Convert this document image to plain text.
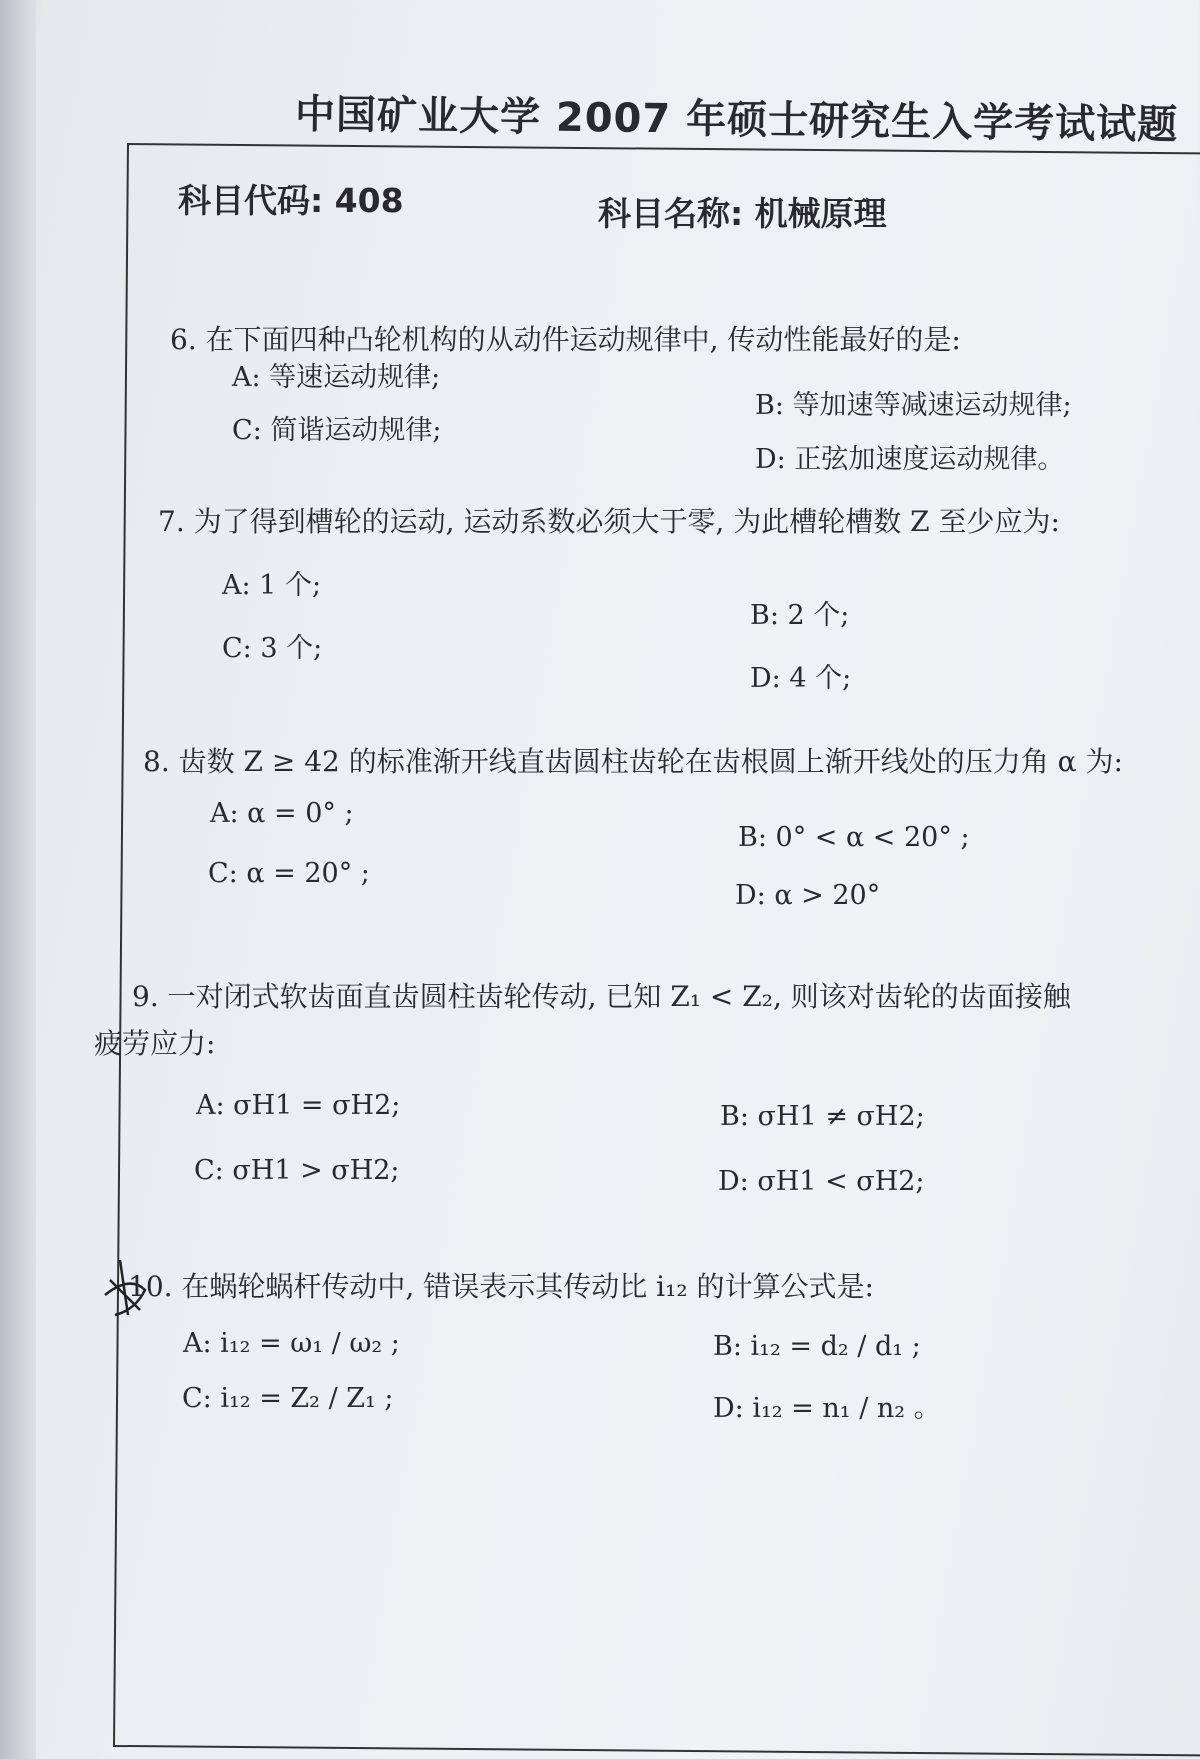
中国矿业大学 2007 年硕士研究生入学考试试题
科目代码: 408	科目名称: 机械原理
6. 在下面四种凸轮机构的从动件运动规律中, 传动性能最好的是:
A: 等速运动规律;
B: 等加速等减速运动规律;
C: 简谐运动规律;
D: 正弦加速度运动规律。
7. 为了得到槽轮的运动, 运动系数必须大于零, 为此槽轮槽数 Z 至少应为:
A: 1 个;
B: 2 个;
C: 3 个;
D: 4 个;
8. 齿数 Z ≥ 42 的标准渐开线直齿圆柱齿轮在齿根圆上渐开线处的压力角 α 为:
A: α = 0° ;
B: 0° < α < 20° ;
C: α = 20° ;
D: α > 20°
9. 一对闭式软齿面直齿圆柱齿轮传动, 已知 Z₁ < Z₂, 则该对齿轮的齿面接触
疲劳应力:
A: σH1 = σH2;	B: σH1 ≠ σH2;
C: σH1 > σH2;	D: σH1 < σH2;
10. 在蜗轮蜗杆传动中, 错误表示其传动比 i₁₂ 的计算公式是:
A: i₁₂ = ω₁ / ω₂ ;	B: i₁₂ = d₂ / d₁ ;
C: i₁₂ = Z₂ / Z₁ ;	D: i₁₂ = n₁ / n₂ 。
